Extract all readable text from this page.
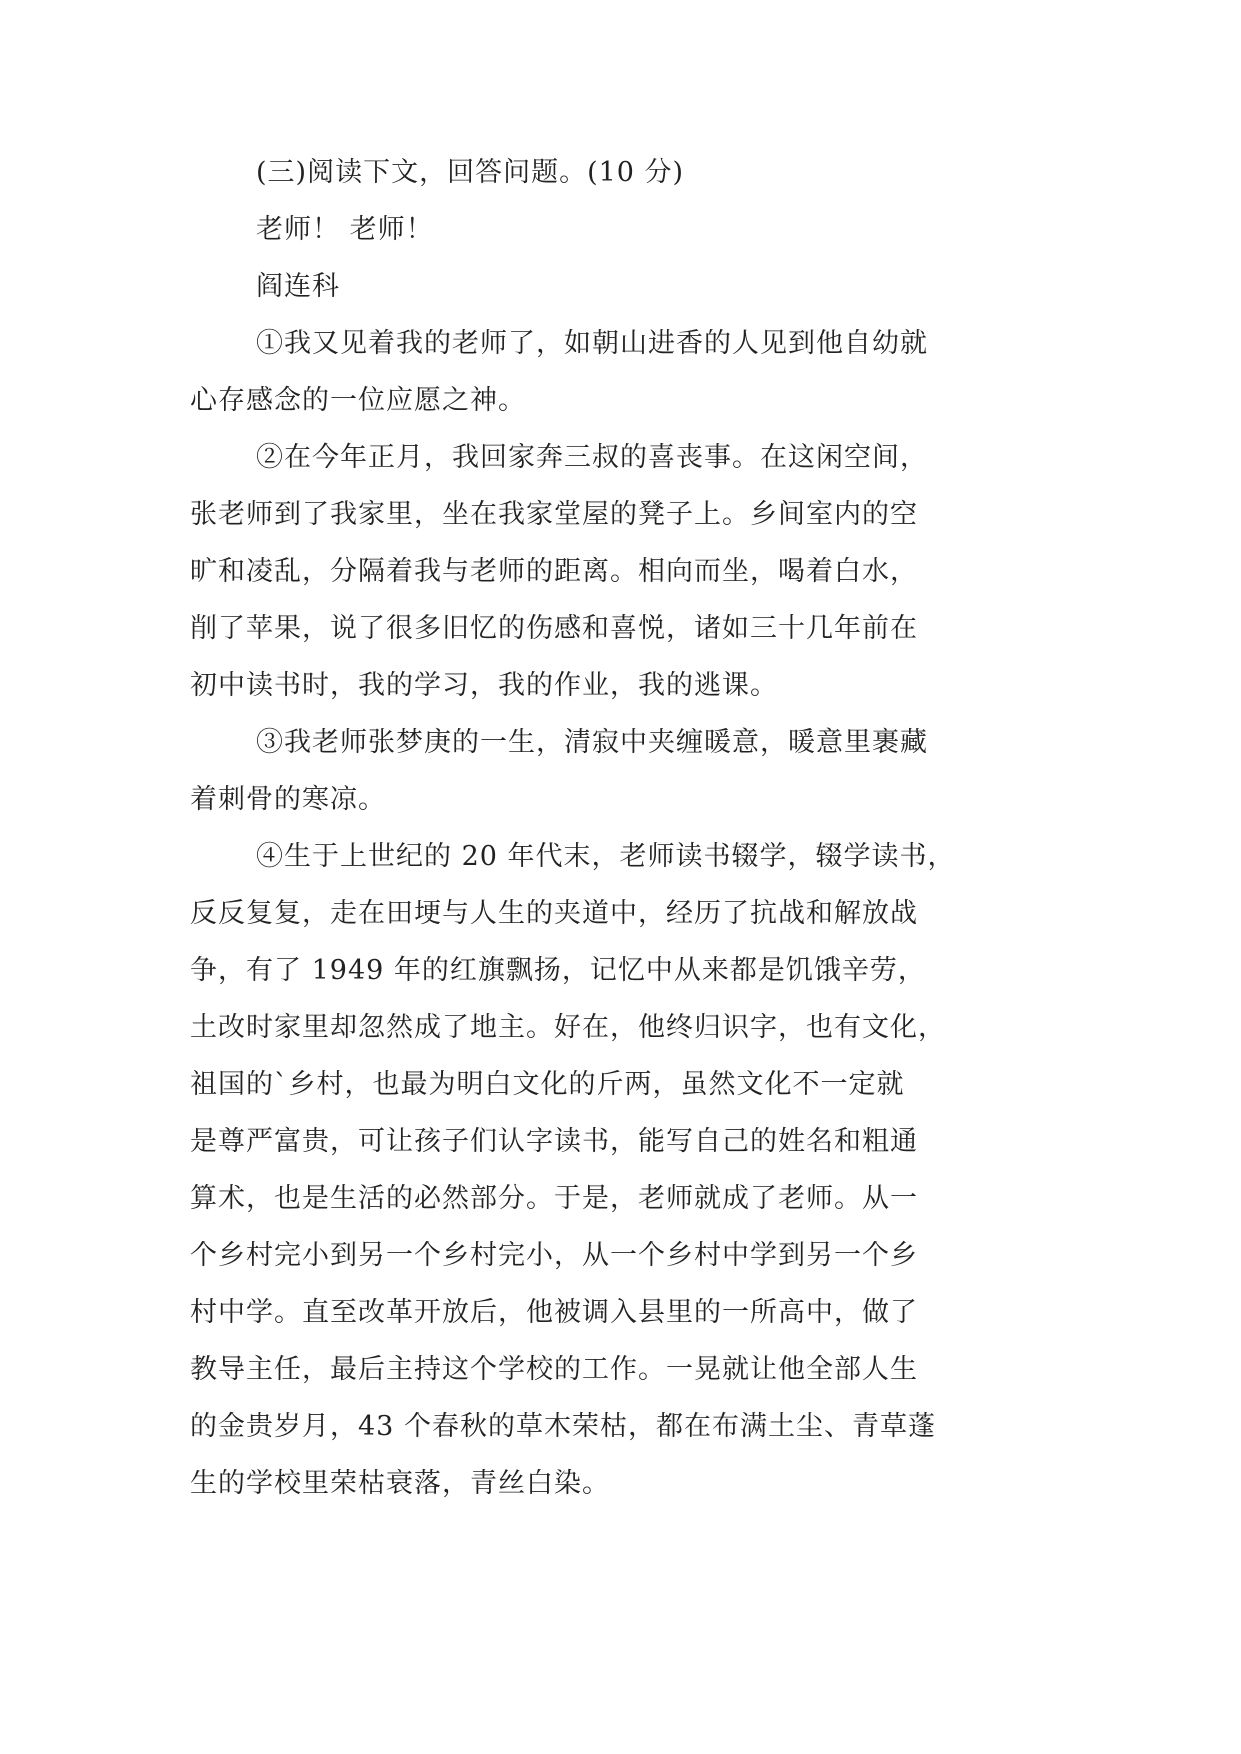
(三)阅读下文，回答问题。(10 分)
老师！ 老师！
阎连科
①我又见着我的老师了，如朝山进香的人见到他自幼就
心存感念的一位应愿之神。
②在今年正月，我回家奔三叔的喜丧事。在这闲空间，
张老师到了我家里，坐在我家堂屋的凳子上。乡间室内的空
旷和凌乱，分隔着我与老师的距离。相向而坐，喝着白水，
削了苹果，说了很多旧忆的伤感和喜悦，诸如三十几年前在
初中读书时，我的学习，我的作业，我的逃课。
③我老师张梦庚的一生，清寂中夹缠暖意，暖意里裹藏
着刺骨的寒凉。
④生于上世纪的 20 年代末，老师读书辍学，辍学读书，
反反复复，走在田埂与人生的夹道中，经历了抗战和解放战
争，有了 1949 年的红旗飘扬，记忆中从来都是饥饿辛劳，
土改时家里却忽然成了地主。好在，他终归识字，也有文化，
祖国的`乡村，也最为明白文化的斤两，虽然文化不一定就
是尊严富贵，可让孩子们认字读书，能写自己的姓名和粗通
算术，也是生活的必然部分。于是，老师就成了老师。从一
个乡村完小到另一个乡村完小，从一个乡村中学到另一个乡
村中学。直至改革开放后，他被调入县里的一所高中，做了
教导主任，最后主持这个学校的工作。一晃就让他全部人生
的金贵岁月，43 个春秋的草木荣枯，都在布满土尘、青草蓬
生的学校里荣枯衰落，青丝白染。
